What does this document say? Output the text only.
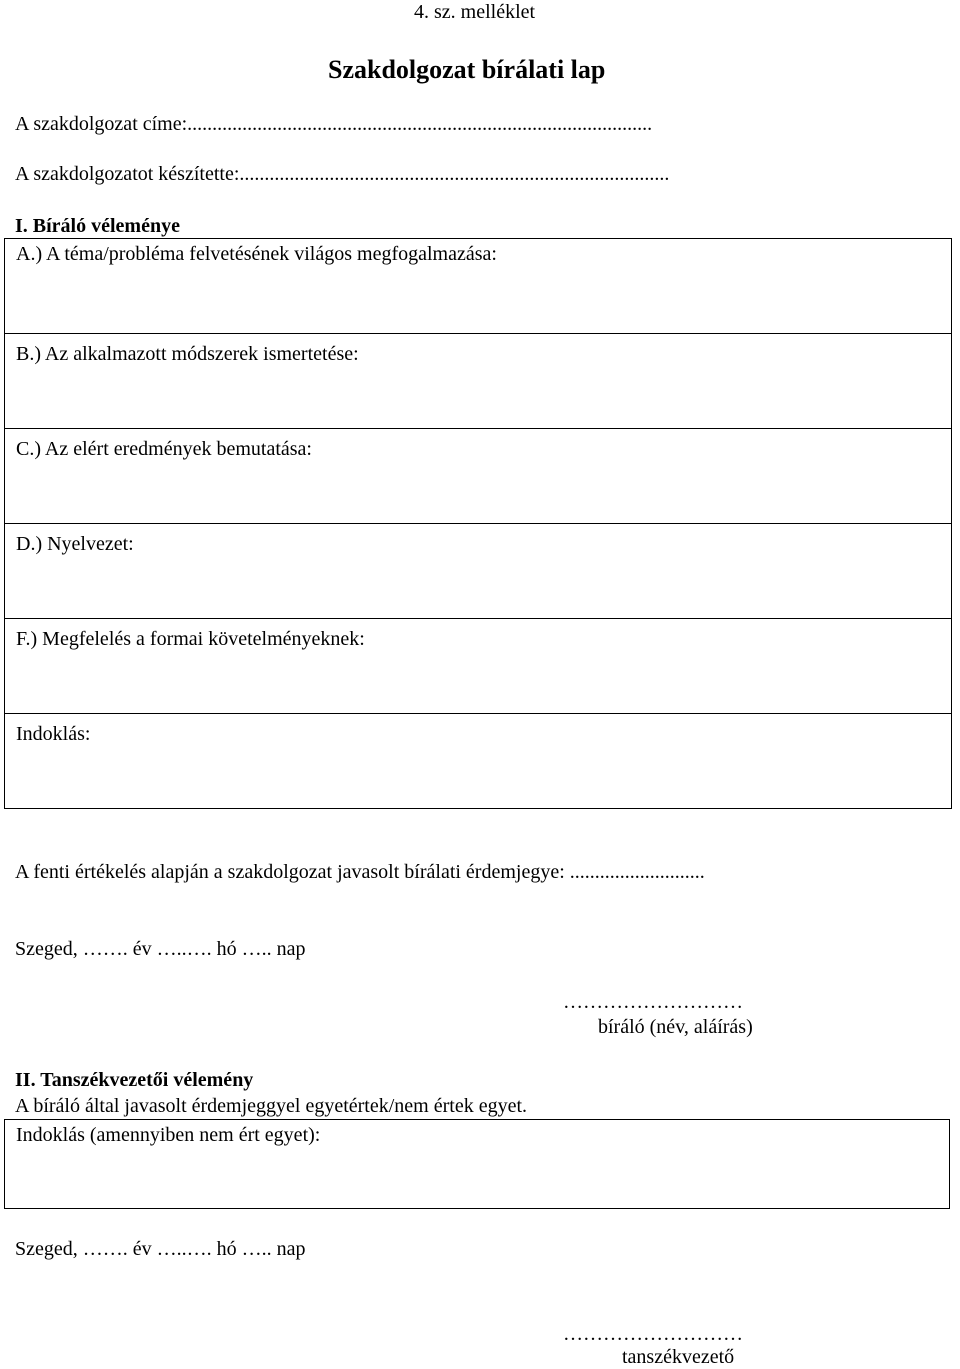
4. sz. melléklet
Szakdolgozat bírálati lap
A szakdolgozat címe:.............................................................................................
A szakdolgozatot készítette:......................................................................................
I. Bíráló véleménye
A.) A téma/probléma felvetésének világos megfogalmazása:
B.) Az alkalmazott módszerek ismertetése:
C.) Az elért eredmények bemutatása:
D.) Nyelvezet:
F.) Megfelelés a formai követelményeknek:
Indoklás:
A fenti értékelés alapján a szakdolgozat javasolt bírálati érdemjegye: ...........................
Szeged, ……. év …..…. hó ….. nap
………………………
bíráló (név, aláírás)
II. Tanszékvezetői vélemény
A bíráló által javasolt érdemjeggyel egyetértek/nem értek egyet.
Indoklás (amennyiben nem ért egyet):
Szeged, ……. év …..…. hó ….. nap
………………………
tanszékvezető
